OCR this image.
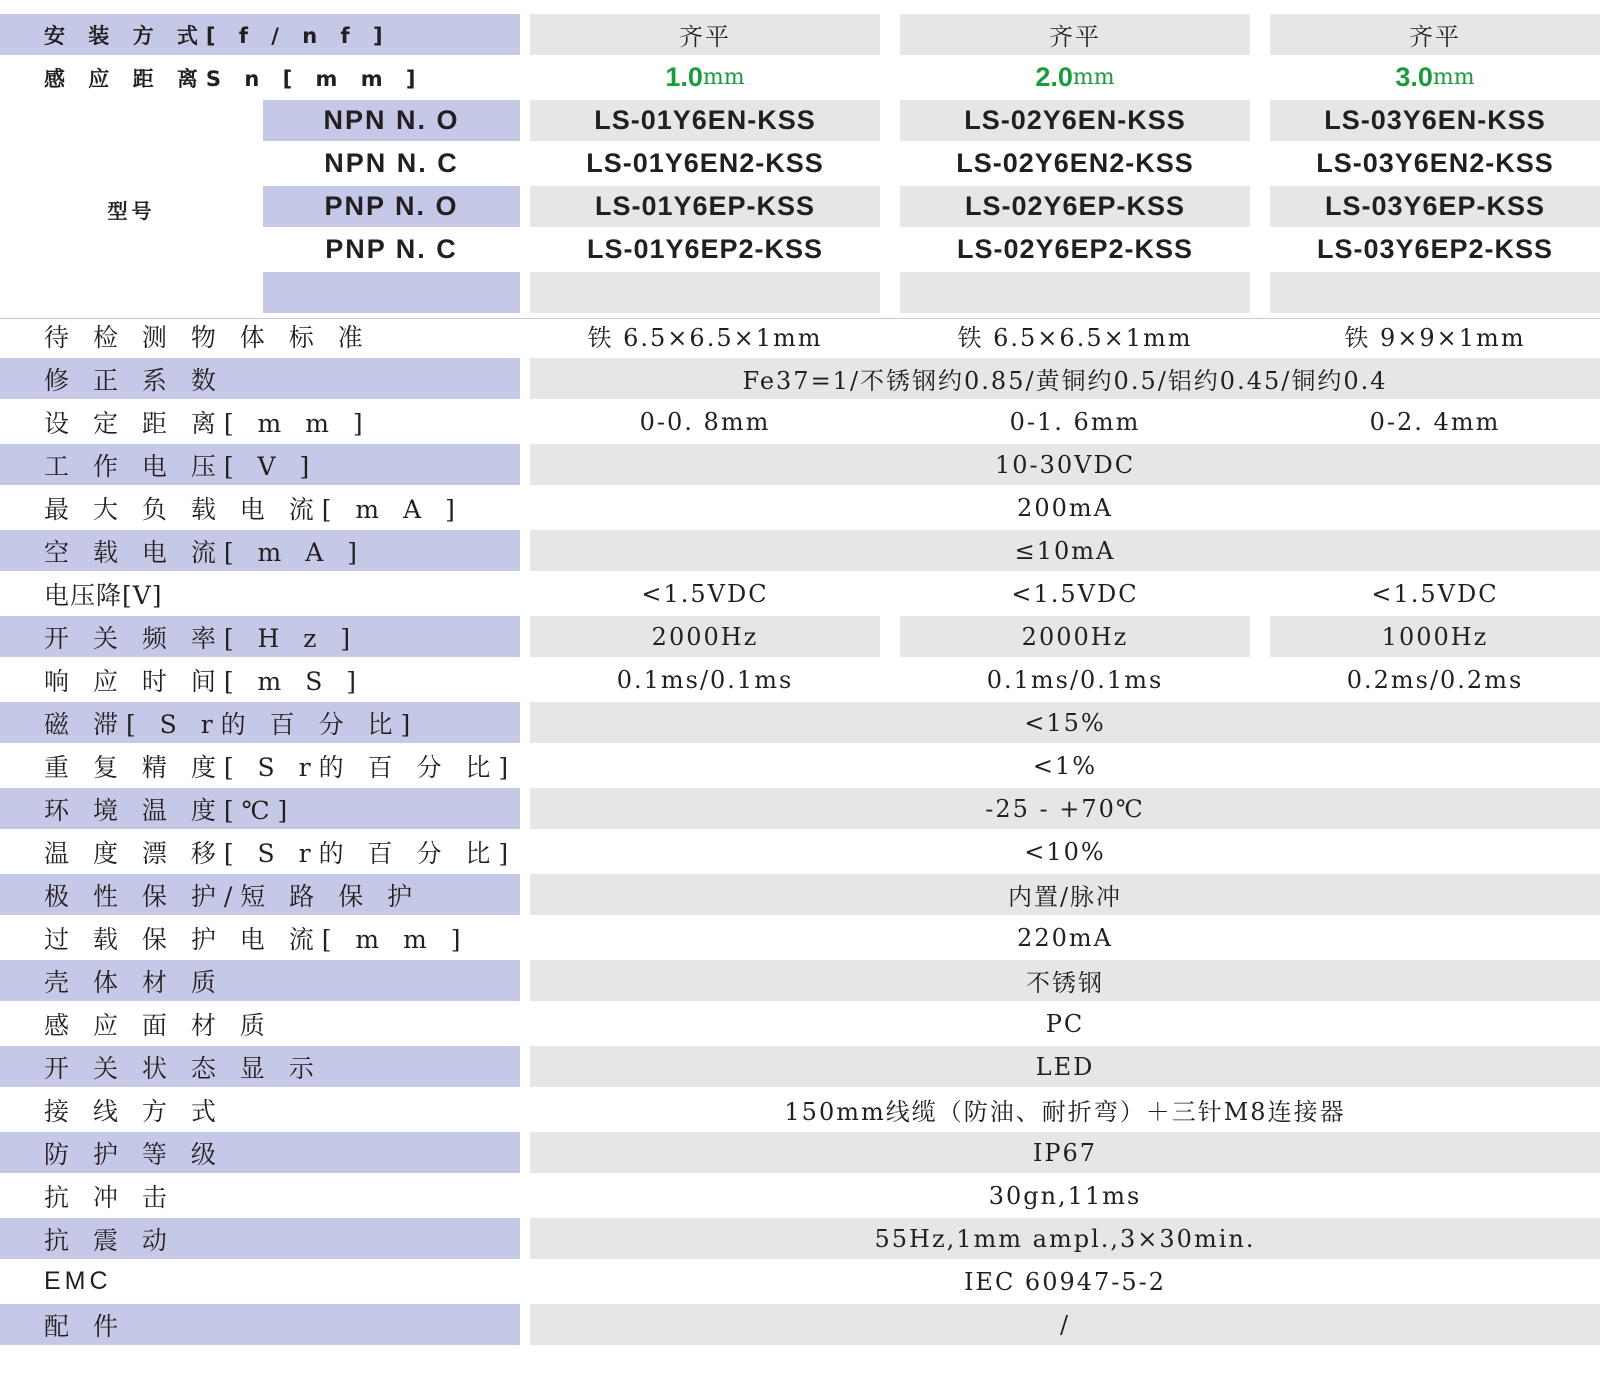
安 装 方 式[ f / n f ]	齐平	齐平	齐平
感 应 距 离S n [ m m ]	1.0 mm	2.0 mm	3.0 mm
型号
NPN N. O	LS-01Y6EN-KSS	LS-02Y6EN-KSS	LS-03Y6EN-KSS
NPN N. C	LS-01Y6EN2-KSS	LS-02Y6EN2-KSS	LS-03Y6EN2-KSS
PNP N. O	LS-01Y6EP-KSS	LS-02Y6EP-KSS	LS-03Y6EP-KSS
PNP N. C	LS-01Y6EP2-KSS	LS-02Y6EP2-KSS	LS-03Y6EP2-KSS
待 检 测 物 体 标 准	铁 6.5×6.5×1mm	铁 6.5×6.5×1mm	铁 9×9×1mm
修 正 系 数	Fe37=1/不锈钢约0.85/黄铜约0.5/铝约0.45/铜约0.4
设 定 距 离[ m m ]	0-0. 8mm	0-1. 6mm	0-2. 4mm
工 作 电 压[ V ]	10-30VDC
最 大 负 载 电 流[ m A ]	200mA
空 载 电 流[ m A ]	≤10mA
电压降[V]	<1.5VDC	<1.5VDC	<1.5VDC
开 关 频 率[ H z ]	2000Hz	2000Hz	1000Hz
响 应 时 间[ m S ]	0.1ms/0.1ms	0.1ms/0.1ms	0.2ms/0.2ms
磁 滞[ S r的 百 分 比]	<15%
重 复 精 度[ S r的 百 分 比]	<1%
环 境 温 度[℃]	-25 - +70℃
温 度 漂 移[ S r的 百 分 比]	<10%
极 性 保 护/短 路 保 护	内置/脉冲
过 载 保 护 电 流[ m m ]	220mA
壳 体 材 质	不锈钢
感 应 面 材 质	PC
开 关 状 态 显 示	LED
接 线 方 式	150mm线缆（防油、耐折弯）＋三针M8连接器
防 护 等 级	IP67
抗 冲 击	30gn,11ms
抗 震 动	55Hz,1mm ampl.,3×30min.
EMC	IEC 60947-5-2
配 件	/
